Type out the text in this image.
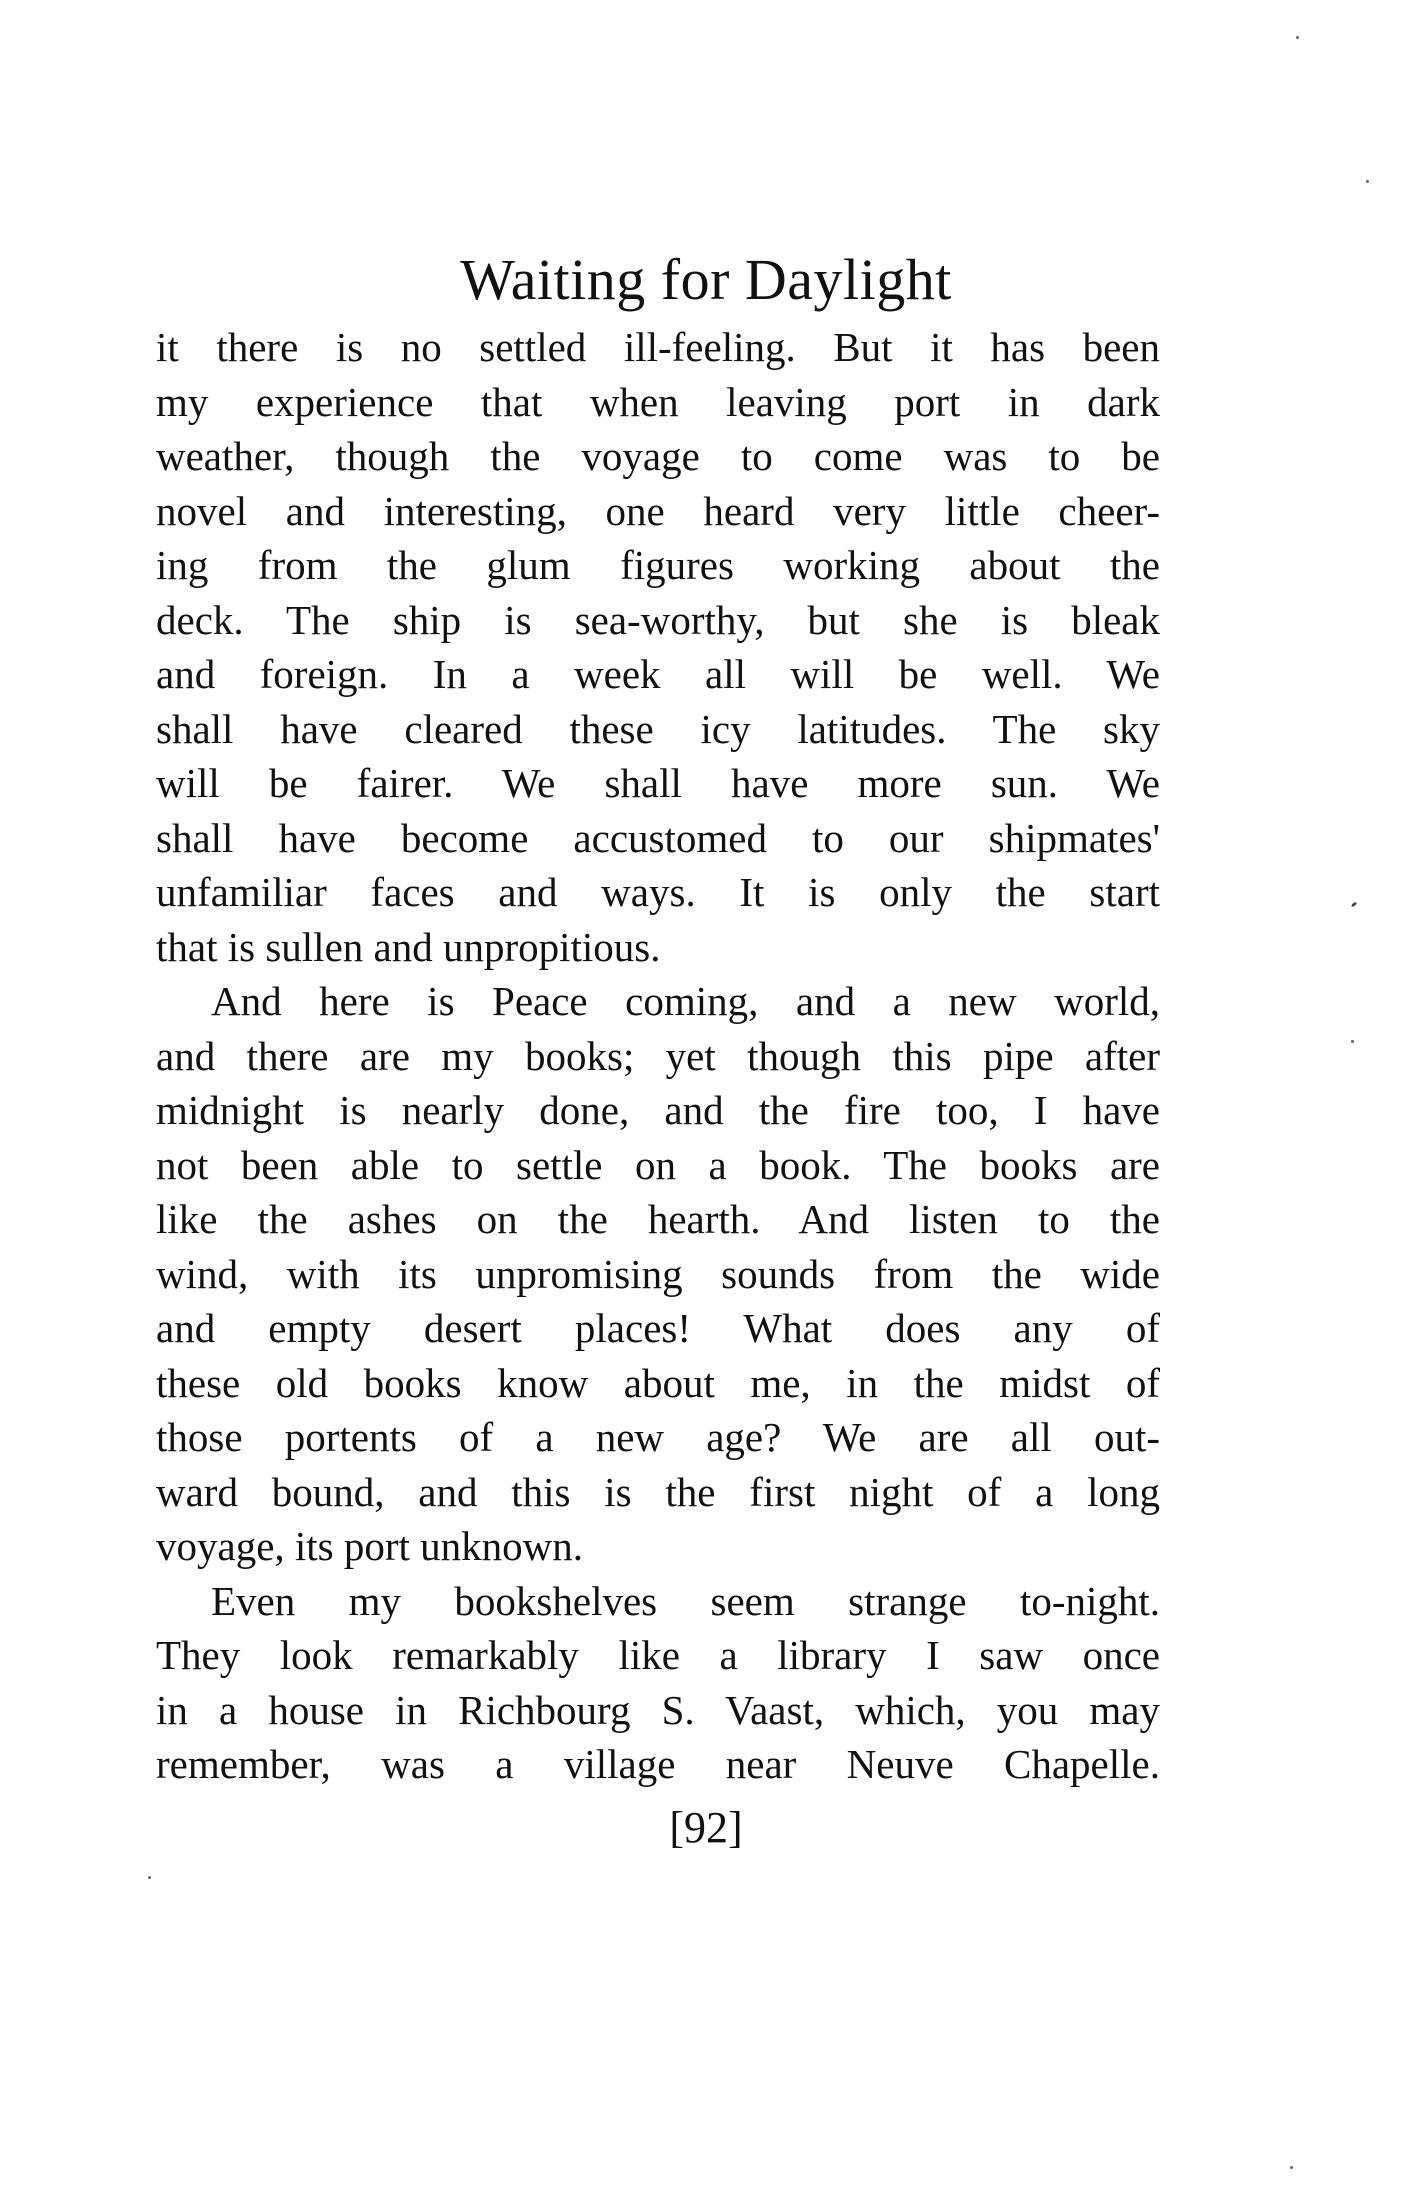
Waiting for Daylight
it there is no settled ill-feeling. But it has been
my experience that when leaving port in dark
weather, though the voyage to come was to be
novel and interesting, one heard very little cheer-
ing from the glum figures working about the
deck. The ship is sea-worthy, but she is bleak
and foreign. In a week all will be well. We
shall have cleared these icy latitudes. The sky
will be fairer. We shall have more sun. We
shall have become accustomed to our shipmates'
unfamiliar faces and ways. It is only the start
that is sullen and unpropitious.
And here is Peace coming, and a new world,
and there are my books; yet though this pipe after
midnight is nearly done, and the fire too, I have
not been able to settle on a book. The books are
like the ashes on the hearth. And listen to the
wind, with its unpromising sounds from the wide
and empty desert places! What does any of
these old books know about me, in the midst of
those portents of a new age? We are all out-
ward bound, and this is the first night of a long
voyage, its port unknown.
Even my bookshelves seem strange to-night.
They look remarkably like a library I saw once
in a house in Richbourg S. Vaast, which, you may
remember, was a village near Neuve Chapelle.
[92]
